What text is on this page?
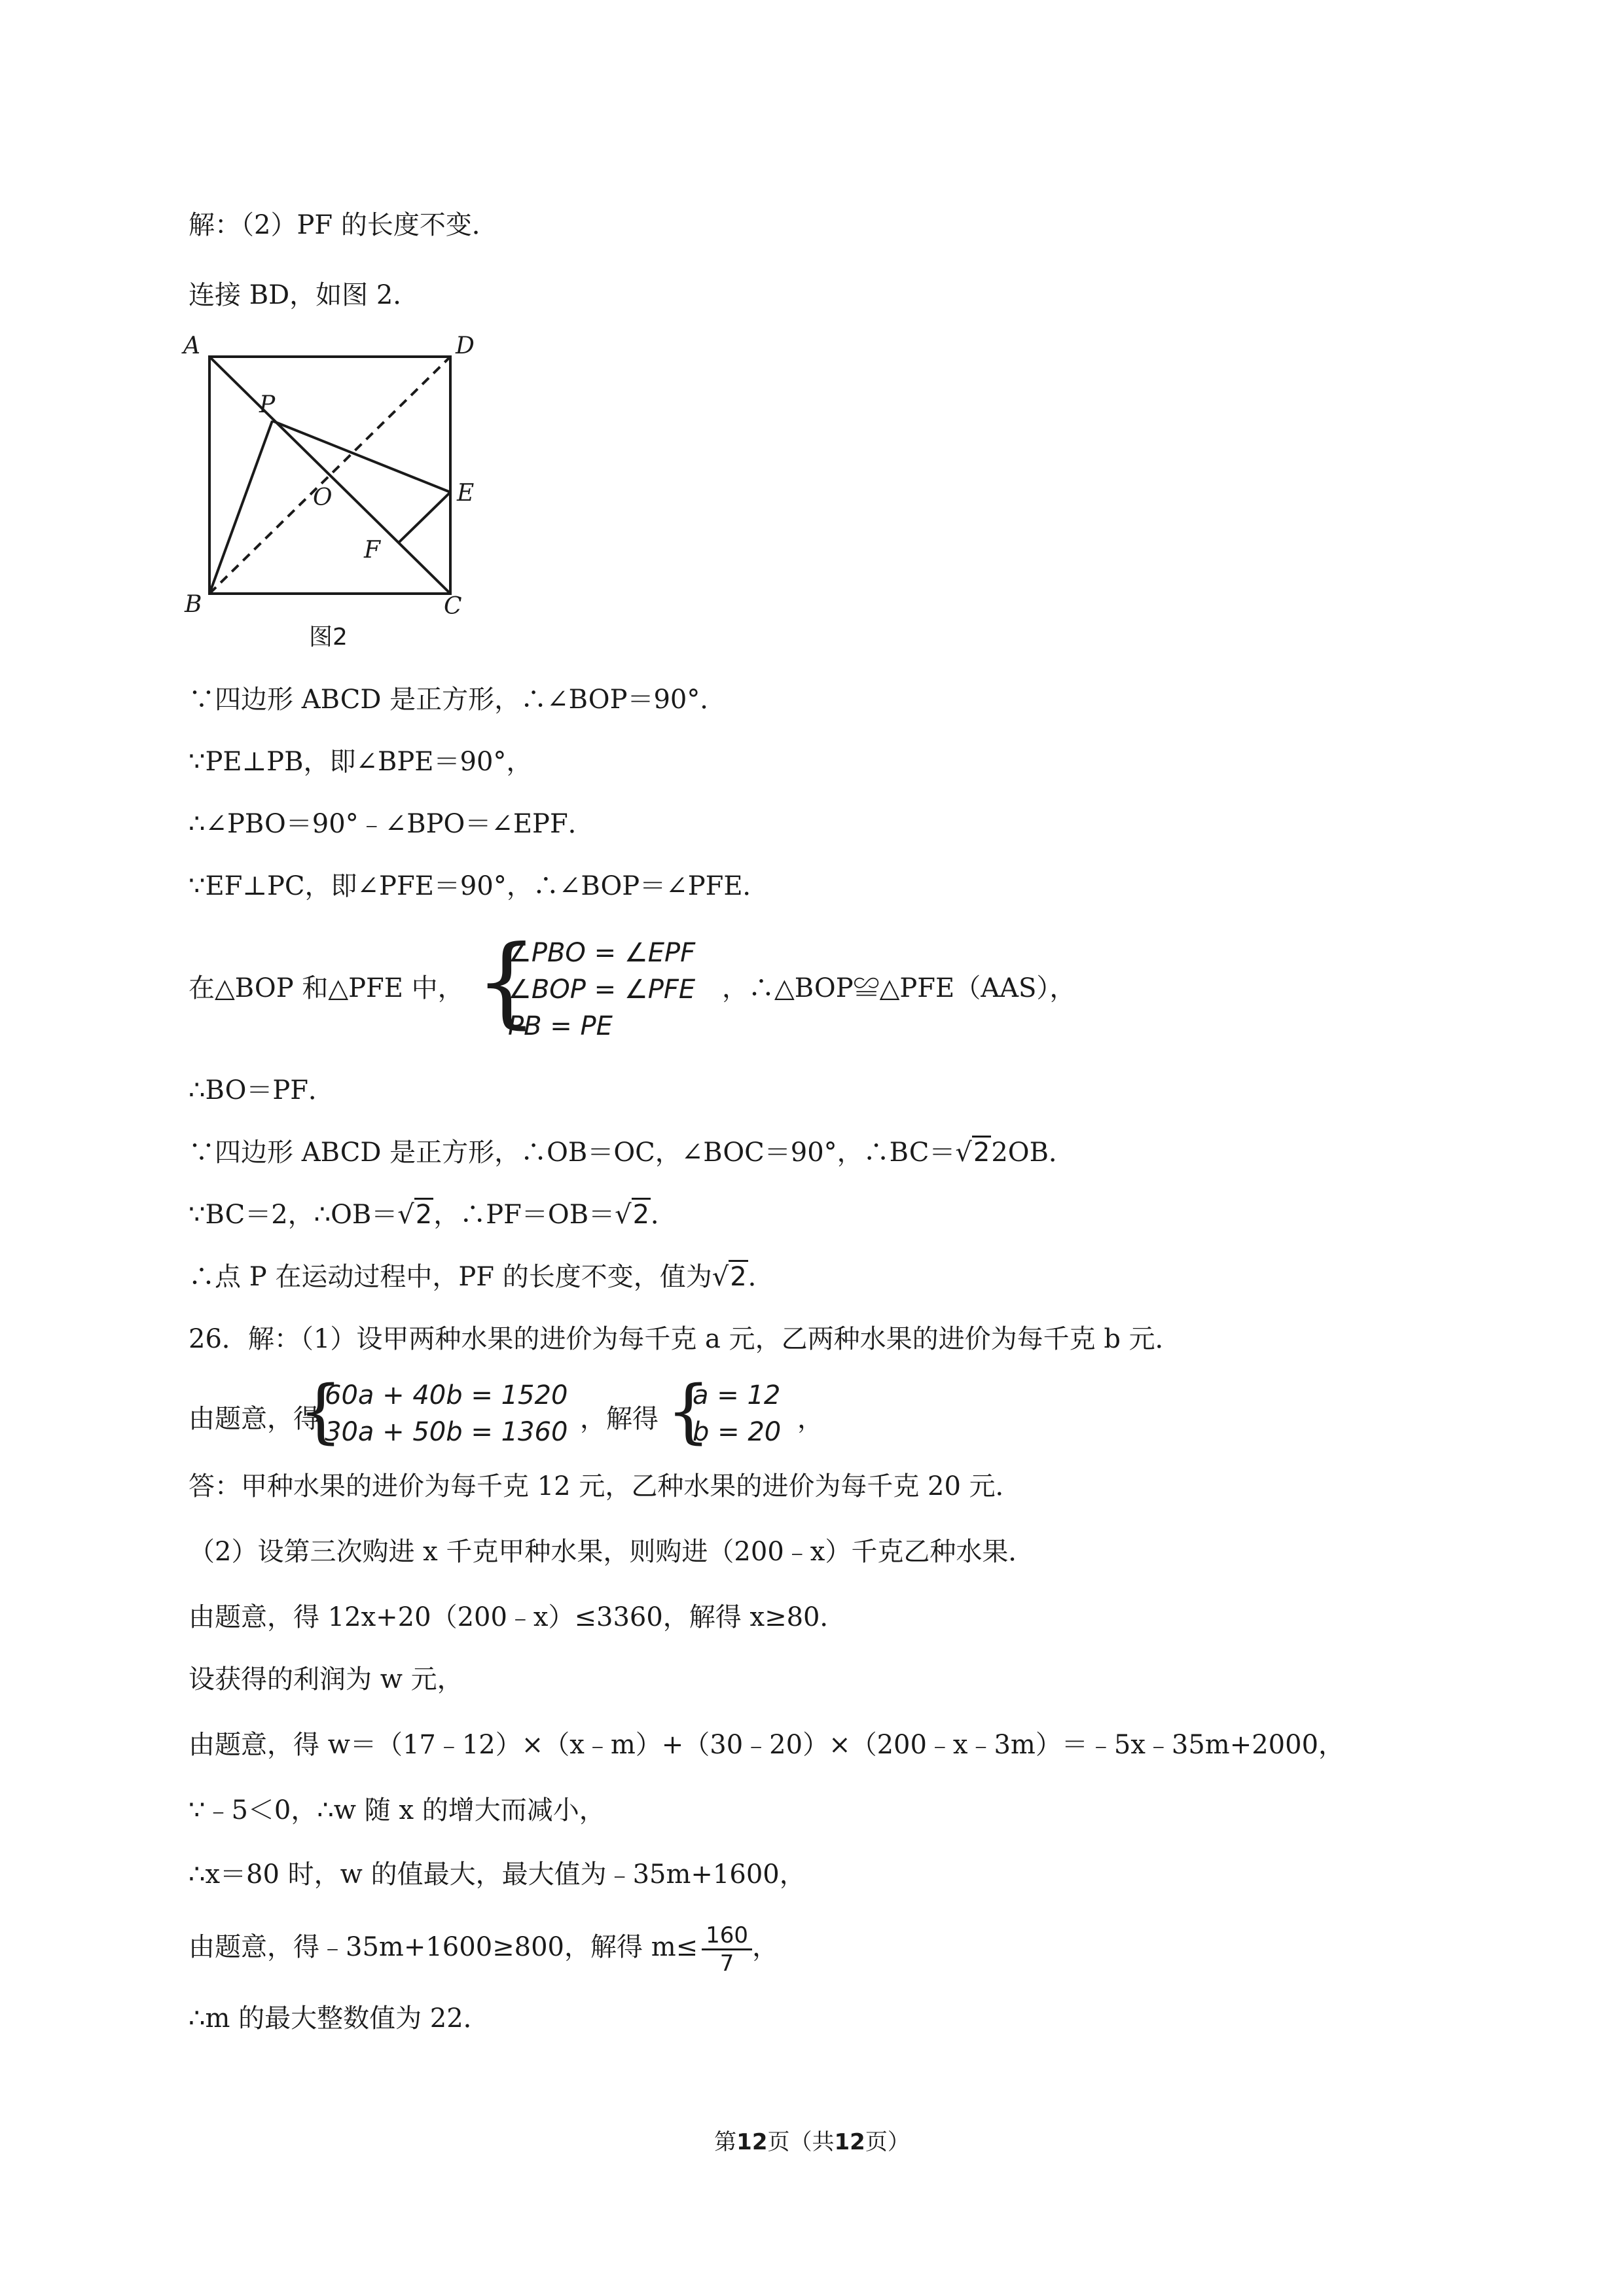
解：（2）PF 的长度不变．
连接 BD，如图 2．
A	D
P
E
O
F
B	C
图2
∵四边形 ABCD 是正方形，∴∠BOP＝90°．
∵PE⊥PB，即∠BPE＝90°，
∴∠PBO＝90°﹣∠BPO＝∠EPF．
∵EF⊥PC，即∠PFE＝90°，∴∠BOP＝∠PFE．
在△BOP 和△PFE 中， {
∠PBO = ∠EPF
∠BOP = ∠PFE
PB = PE
，∴△BOP≌△PFE（AAS），
∴BO＝PF．
∵四边形 ABCD 是正方形，∴OB＝OC，∠BOC＝90°，∴BC＝√22OB．
∵BC＝2，∴OB＝√2，∴PF＝OB＝√2．
∴点 P 在运动过程中，PF 的长度不变，值为√2．
26．解：（1）设甲两种水果的进价为每千克 a 元，乙两种水果的进价为每千克 b 元．
由题意，得
{
60a + 40b = 1520
30a + 50b = 1360 ，解得 {
a = 12
b = 20 ，
答：甲种水果的进价为每千克 12 元，乙种水果的进价为每千克 20 元．
（2）设第三次购进 x 千克甲种水果，则购进（200﹣x）千克乙种水果．
由题意，得 12x+20（200﹣x）≤3360，解得 x≥80．
设获得的利润为 w 元，
由题意，得 w＝（17﹣12）×（x﹣m）+（30﹣20）×（200﹣x﹣3m）＝﹣5x﹣35m+2000，
∵﹣5＜0，∴w 随 x 的增大而减小，
∴x＝80 时，w 的值最大，最大值为﹣35m+1600，
由题意，得﹣35m+1600≥800，解得 $m\le \frac{160}{7}$ ，
∴m 的最大整数值为 22．
第12页（共12页）
